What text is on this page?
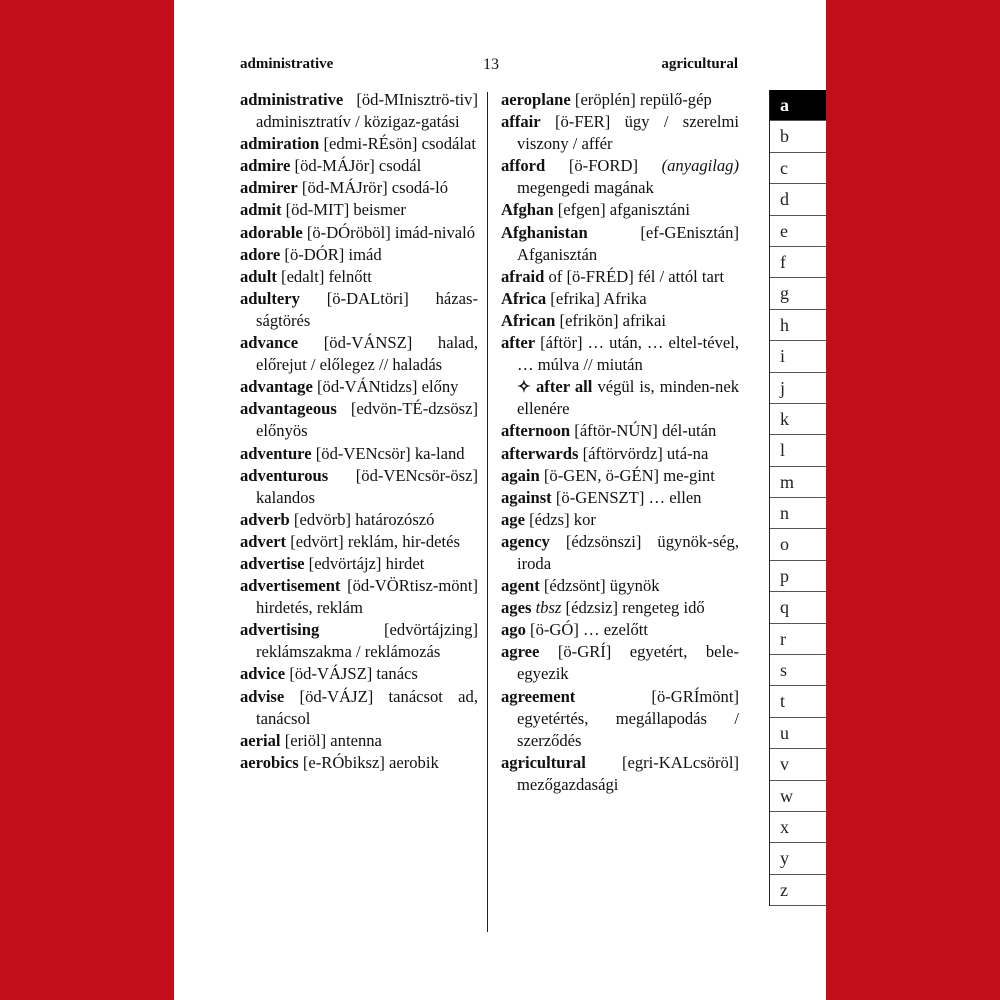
administrative	13	agricultural
administrative [öd-MInisztrö-tiv] adminisztratív / közigaz-gatási
admiration [edmi-RÉsön] csodálat
admire [öd-MÁJör] csodál
admirer [öd-MÁJrör] csodá-ló
admit [öd-MIT] beismer
adorable [ö-DÓröböl] imád-nivaló
adore [ö-DÓR] imád
adult [edalt] felnőtt
adultery [ö-DALtöri] házas-ságtörés
advance [öd-VÁNSZ] halad, előrejut / előlegez // haladás
advantage [öd-VÁNtidzs] előny
advantageous [edvön-TÉ-dzsösz] előnyös
adventure [öd-VENcsör] ka-land
adventurous [öd-VENcsör-ösz] kalandos
adverb [edvörb] határozószó
advert [edvört] reklám, hir-detés
advertise [edvörtájz] hirdet
advertisement [öd-VÖRtisz-mönt] hirdetés, reklám
advertising [edvörtájzing] reklámszakma / reklámozás
advice [öd-VÁJSZ] tanács
advise [öd-VÁJZ] tanácsot ad, tanácsol
aerial [eriöl] antenna
aerobics [e-RÓbiksz] aerobik
aeroplane [eröplén] repülő-gép
affair [ö-FER] ügy / szerelmi viszony / affér
afford [ö-FORD] (anyagilag) megengedi magának
Afghan [efgen] afganisztáni
Afghanistan [ef-GEnisztán] Afganisztán
afraid of [ö-FRÉD] fél / attól tart
Africa [efrika] Afrika
African [efrikön] afrikai
after [áftör] … után, … eltel-tével, … múlva // miután
✧ after all végül is, minden-nek ellenére
afternoon [áftör-NÚN] dél-után
afterwards [áftörvördz] utá-na
again [ö-GEN, ö-GÉN] me-gint
against [ö-GENSZT] … ellen
age [édzs] kor
agency [édzsönszi] ügynök-ség, iroda
agent [édzsönt] ügynök
ages tbsz [édzsiz] rengeteg idő
ago [ö-GÓ] … ezelőtt
agree [ö-GRÍ] egyetért, bele-egyezik
agreement [ö-GRÍmönt] egyetértés, megállapodás / szerződés
agricultural [egri-KALcsöröl] mezőgazdasági
a
b
c
d
e
f
g
h
i
j
k
l
m
n
o
p
q
r
s
t
u
v
w
x
y
z
